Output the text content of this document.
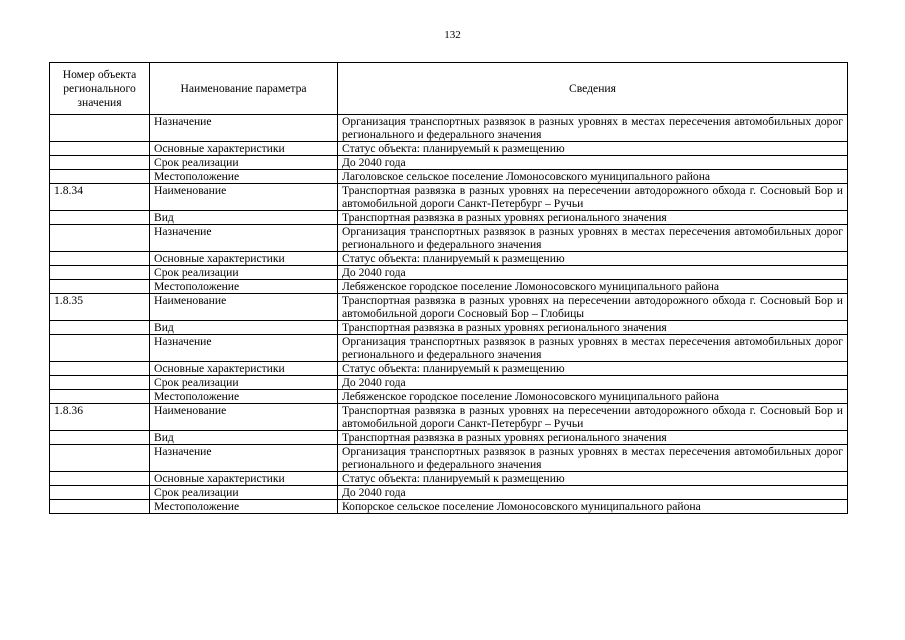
132
Номер объекта регионального значения	Наименование параметра	Сведения
	Назначение	Организация транспортных развязок в разных уровнях в местах пересечения автомобильных дорог регионального и федерального значения
	Основные характеристики	Статус объекта: планируемый к размещению
	Срок реализации	До 2040 года
	Местоположение	Лаголовское сельское поселение Ломоносовского муниципального района
1.8.34	Наименование	Транспортная развязка в разных уровнях на пересечении автодорожного обхода г. Сосновый Бор и автомобильной дороги Санкт-Петербург – Ручьи
	Вид	Транспортная развязка в разных уровнях регионального значения
	Назначение	Организация транспортных развязок в разных уровнях в местах пересечения автомобильных дорог регионального и федерального значения
	Основные характеристики	Статус объекта: планируемый к размещению
	Срок реализации	До 2040 года
	Местоположение	Лебяженское городское поселение Ломоносовского муниципального района
1.8.35	Наименование	Транспортная развязка в разных уровнях на пересечении автодорожного обхода г. Сосновый Бор и автомобильной дороги Сосновый Бор – Глобицы
	Вид	Транспортная развязка в разных уровнях регионального значения
	Назначение	Организация транспортных развязок в разных уровнях в местах пересечения автомобильных дорог регионального и федерального значения
	Основные характеристики	Статус объекта: планируемый к размещению
	Срок реализации	До 2040 года
	Местоположение	Лебяженское городское поселение Ломоносовского муниципального района
1.8.36	Наименование	Транспортная развязка в разных уровнях на пересечении автодорожного обхода г. Сосновый Бор и автомобильной дороги Санкт-Петербург – Ручьи
	Вид	Транспортная развязка в разных уровнях регионального значения
	Назначение	Организация транспортных развязок в разных уровнях в местах пересечения автомобильных дорог регионального и федерального значения
	Основные характеристики	Статус объекта: планируемый к размещению
	Срок реализации	До 2040 года
	Местоположение	Копорское сельское поселение Ломоносовского муниципального района
